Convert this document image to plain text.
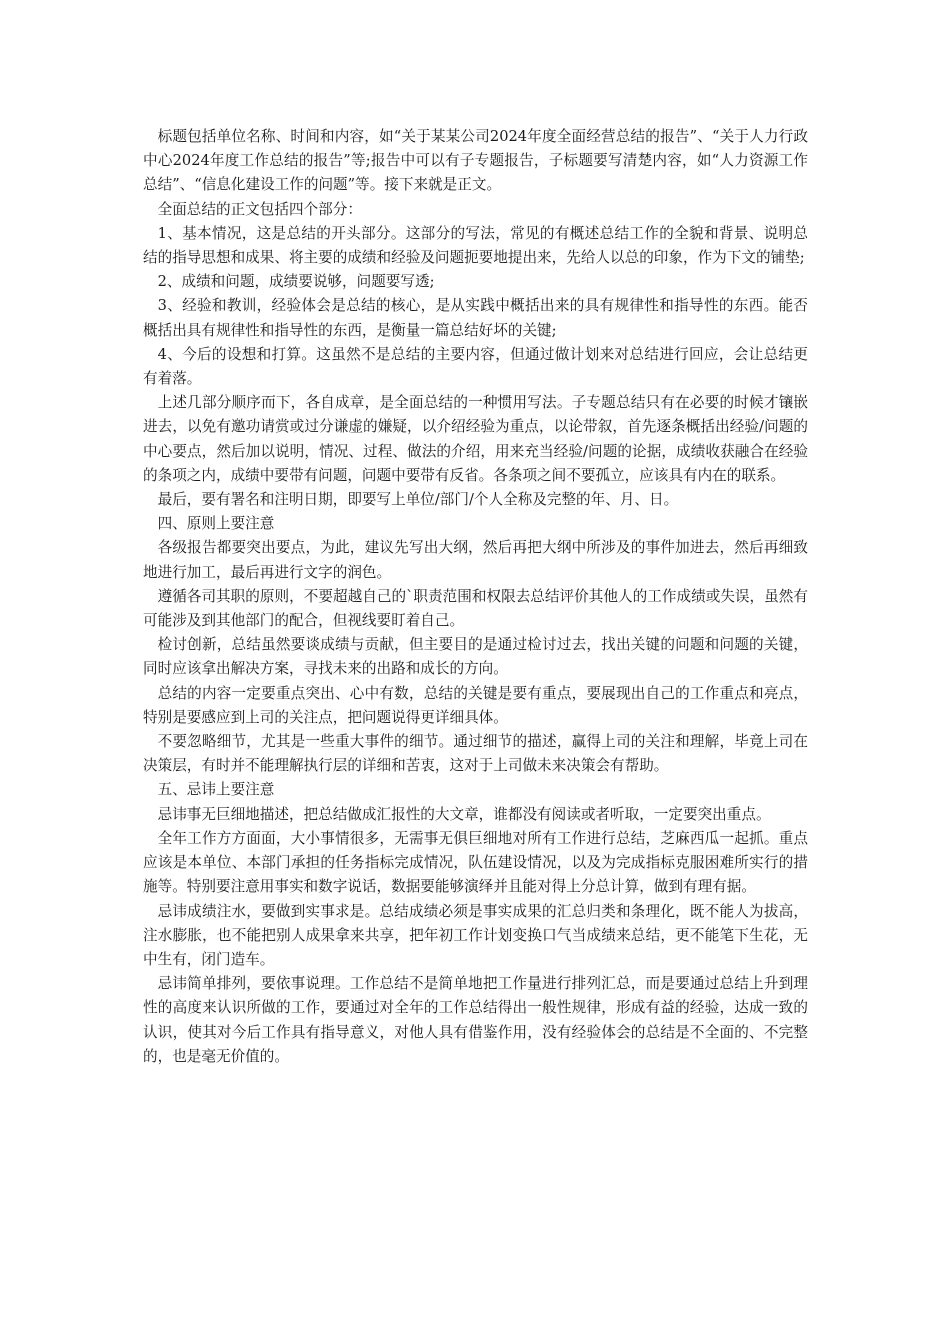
标题包括单位名称、时间和内容，如“关于某某公司2024年度全面经营总结的报告”、“关于人力行政中心2024年度工作总结的报告”等;报告中可以有子专题报告，子标题要写清楚内容，如“人力资源工作总结”、“信息化建设工作的问题”等。接下来就是正文。

全面总结的正文包括四个部分：

1、基本情况，这是总结的开头部分。这部分的写法，常见的有概述总结工作的全貌和背景、说明总结的指导思想和成果、将主要的成绩和经验及问题扼要地提出来，先给人以总的印象，作为下文的铺垫;

2、成绩和问题，成绩要说够，问题要写透;

3、经验和教训，经验体会是总结的核心，是从实践中概括出来的具有规律性和指导性的东西。能否概括出具有规律性和指导性的东西，是衡量一篇总结好坏的关键;

4、今后的设想和打算。这虽然不是总结的主要内容，但通过做计划来对总结进行回应，会让总结更有着落。

上述几部分顺序而下，各自成章，是全面总结的一种惯用写法。子专题总结只有在必要的时候才镶嵌进去，以免有邀功请赏或过分谦虚的嫌疑，以介绍经验为重点，以论带叙，首先逐条概括出经验/问题的中心要点，然后加以说明，情况、过程、做法的介绍，用来充当经验/问题的论据，成绩收获融合在经验的条项之内，成绩中要带有问题，问题中要带有反省。各条项之间不要孤立，应该具有内在的联系。

最后，要有署名和注明日期，即要写上单位/部门/个人全称及完整的年、月、日。

四、原则上要注意

各级报告都要突出要点，为此，建议先写出大纲，然后再把大纲中所涉及的事件加进去，然后再细致地进行加工，最后再进行文字的润色。

遵循各司其职的原则，不要超越自己的`职责范围和权限去总结评价其他人的工作成绩或失误，虽然有可能涉及到其他部门的配合，但视线要盯着自己。

检讨创新，总结虽然要谈成绩与贡献，但主要目的是通过检讨过去，找出关键的问题和问题的关键，同时应该拿出解决方案，寻找未来的出路和成长的方向。

总结的内容一定要重点突出、心中有数，总结的关键是要有重点，要展现出自己的工作重点和亮点，特别是要感应到上司的关注点，把问题说得更详细具体。

不要忽略细节，尤其是一些重大事件的细节。通过细节的描述，赢得上司的关注和理解，毕竟上司在决策层，有时并不能理解执行层的详细和苦衷，这对于上司做未来决策会有帮助。

五、忌讳上要注意

忌讳事无巨细地描述，把总结做成汇报性的大文章，谁都没有阅读或者听取，一定要突出重点。

全年工作方方面面，大小事情很多，无需事无俱巨细地对所有工作进行总结，芝麻西瓜一起抓。重点应该是本单位、本部门承担的任务指标完成情况，队伍建设情况，以及为完成指标克服困难所实行的措施等。特别要注意用事实和数字说话，数据要能够演绎并且能对得上分总计算，做到有理有据。

忌讳成绩注水，要做到实事求是。总结成绩必须是事实成果的汇总归类和条理化，既不能人为拔高，注水膨胀，也不能把别人成果拿来共享，把年初工作计划变换口气当成绩来总结，更不能笔下生花，无中生有，闭门造车。

忌讳简单排列，要依事说理。工作总结不是简单地把工作量进行排列汇总，而是要通过总结上升到理性的高度来认识所做的工作，要通过对全年的工作总结得出一般性规律，形成有益的经验，达成一致的认识，使其对今后工作具有指导意义，对他人具有借鉴作用，没有经验体会的总结是不全面的、不完整的，也是毫无价值的。
